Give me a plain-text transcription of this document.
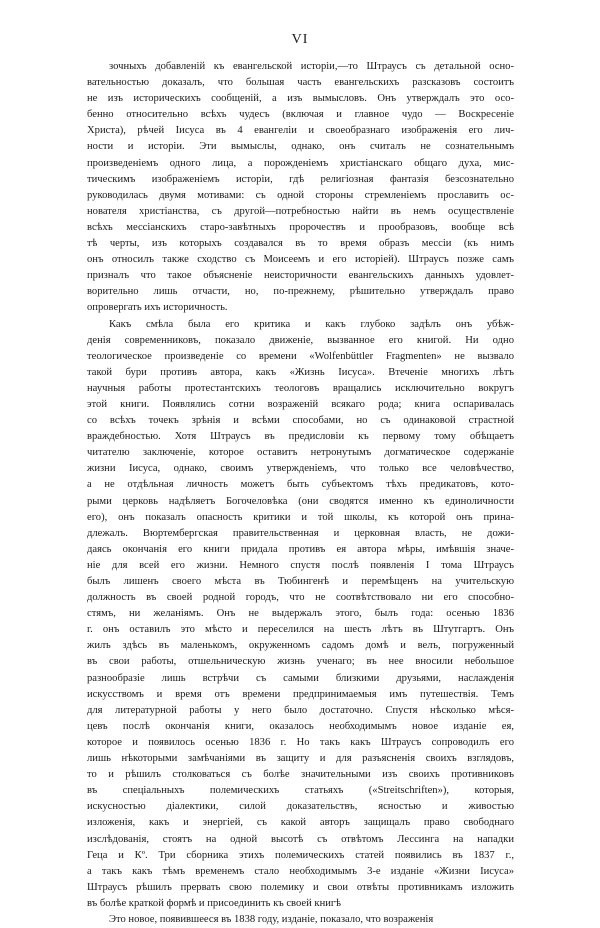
VI
зочныхъ добавленій къ евангельской исторіи,—то Штраусъ съ детальной осно-
вательностью доказалъ, что большая часть евангельскихъ разсказовъ состоитъ
не изъ историческихъ сообщеній, а изъ вымысловъ. Онъ утверждалъ это осо-
бенно относительно всѣхъ чудесъ (включая и главное чудо — Воскресеніе
Христа), рѣчей Іисуса въ 4 евангеліи и своеобразнаго изображенія его лич-
ности и исторіи. Эти вымыслы, однако, онъ считалъ не сознательнымъ
произведеніемъ одного лица, а порожденіемъ христіанскаго общаго духа, мис-
тическимъ изображеніемъ исторіи, гдѣ религіозная фантазія безсознательно
руководилась двумя мотивами: съ одной стороны стремленіемъ прославить ос-
нователя христіанства, съ другой—потребностью найти въ немъ осуществленіе
всѣхъ мессіанскихъ старо-завѣтныхъ пророчествъ и прообразовъ, вообще всѣ
тѣ черты, изъ которыхъ создавался въ то время образъ мессіи (къ нимъ
онъ относилъ также сходство съ Моисеемъ и его исторіей). Штраусъ позже самъ
призналъ что такое объясненіе неисторичности евангельскихъ данныхъ удовлет-
ворительно лишь отчасти, но, по-прежнему, рѣшительно утверждалъ право
опровергать ихъ историчность.
Какъ смѣла была его критика и какъ глубоко задѣлъ онъ убѣж-
денія современниковъ, показало движеніе, вызванное его книгой. Ни одно
теологическое произведеніе со времени «Wolfenbüttler Fragmenten» не вызвало
такой бури противъ автора, какъ «Жизнь Іисуса». Втеченіе многихъ лѣтъ
научныя работы протестантскихъ теологовъ вращались исключительно вокругъ
этой книги. Появлялись сотни возраженій всякаго рода; книга оспаривалась
со всѣхъ точекъ зрѣнія и всѣми способами, но съ одинаковой страстной
враждебностью. Хотя Штраусъ въ предисловіи къ первому тому обѣщаетъ
читателю заключеніе, которое оставитъ нетронутымъ догматическое содержаніе
жизни Іисуса, однако, своимъ утвержденіемъ, что только все человѣчество,
а не отдѣльная личность можетъ быть субъектомъ тѣхъ предикатовъ, кото-
рыми церковь надѣляетъ Богочеловѣка (они сводятся именно къ единоличности
его), онъ показалъ опасность критики и той школы, къ которой онъ прина-
длежалъ. Вюртембергская правительственная и церковная власть, не дожи-
даясь окончанія его книги придала противъ ея автора мѣры, имѣвшія значе-
ніе для всей его жизни. Немного спустя послѣ появленія І тома Штраусъ
былъ лишенъ своего мѣста въ Тюбингенѣ и перемѣщенъ на учительскую
должность въ своей родной городъ, что не соотвѣтствовало ни его способно-
стямъ, ни желаніямъ. Онъ не выдержалъ этого, былъ года: осенью 1836
г. онъ оставилъ это мѣсто и переселился на шесть лѣтъ въ Штутгартъ. Онъ
жилъ здѣсь въ маленькомъ, окруженномъ садомъ домѣ и велъ, погруженный
въ свои работы, отшельническую жизнь ученаго; въ нее вносили небольшое
разнообразіе лишь встрѣчи съ самыми близкими друзьями, наслажденія
искусствомъ и время отъ времени предпринимаемыя имъ путешествія. Темъ
для литературной работы у него было достаточно. Спустя нѣсколько мѣся-
цевъ послѣ окончанія книги, оказалось необходимымъ новое изданіе ея,
которое и появилось осенью 1836 г. Но такъ какъ Штраусъ сопроводилъ его
лишь нѣкоторыми замѣчаніями въ защиту и для разъясненія своихъ взглядовъ,
то и рѣшилъ столковаться съ болѣе значительными изъ своихъ противниковъ
въ спеціальныхъ полемическихъ статьяхъ («Streitschriften»), которыя,
искусностью діалектики, силой доказательствъ, ясностью и живостью
изложенія, какъ и энергіей, съ какой авторъ защищалъ право свободнаго
изслѣдованія, стоятъ на одной высотѣ съ отвѣтомъ Лессинга на нападки
Геца и Кº. Три сборника этихъ полемическихъ статей появились въ 1837 г.,
а такъ какъ тѣмъ временемъ стало необходимымъ 3-е изданіе «Жизни Іисуса»
Штраусъ рѣшилъ прервать свою полемику и свои отвѣты противникамъ изложить
въ болѣе краткой формѣ и присоединить къ своей книгѣ
Это новое, появившееся въ 1838 году, изданіе, показало, что возраженія
